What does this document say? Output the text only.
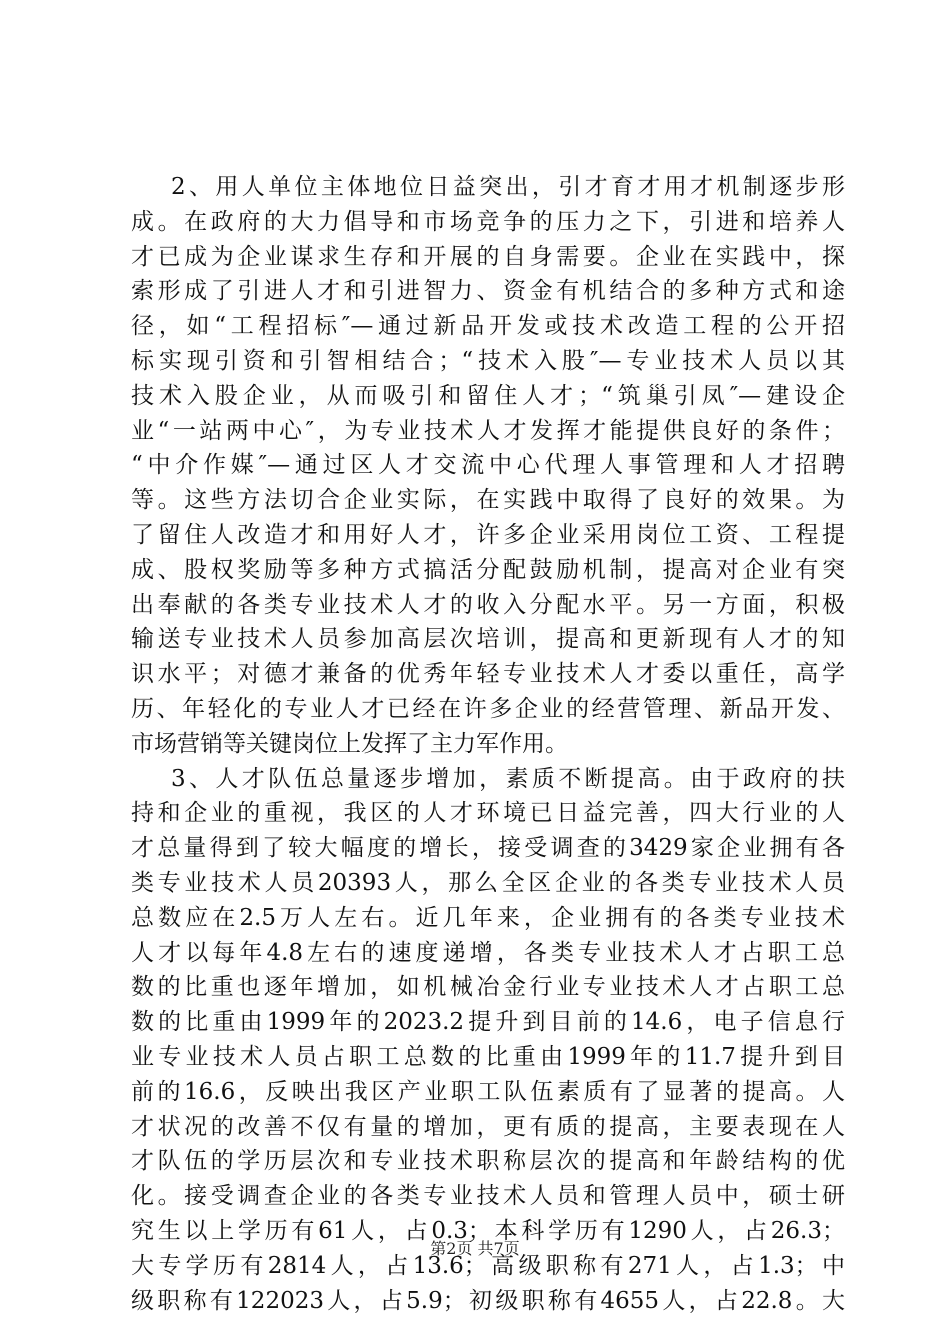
2、用人单位主体地位日益突出，引才育才用才机制逐步形
成。在政府的大力倡导和市场竞争的压力之下，引进和培养人
才已成为企业谋求生存和开展的自身需要。企业在实践中，探
索形成了引进人才和引进智力、资金有机结合的多种方式和途
径，如“工程招标″—通过新品开发或技术改造工程的公开招
标实现引资和引智相结合；“技术入股″—专业技术人员以其
技术入股企业，从而吸引和留住人才；“筑巢引凤″—建设企
业“一站两中心″，为专业技术人才发挥才能提供良好的条件；
“中介作媒″—通过区人才交流中心代理人事管理和人才招聘
等。这些方法切合企业实际，在实践中取得了良好的效果。为
了留住人改造才和用好人才，许多企业采用岗位工资、工程提
成、股权奖励等多种方式搞活分配鼓励机制，提高对企业有突
出奉献的各类专业技术人才的收入分配水平。另一方面，积极
输送专业技术人员参加高层次培训，提高和更新现有人才的知
识水平；对德才兼备的优秀年轻专业技术人才委以重任，高学
历、年轻化的专业人才已经在许多企业的经营管理、新品开发、
市场营销等关键岗位上发挥了主力军作用。
3、人才队伍总量逐步增加，素质不断提高。由于政府的扶
持和企业的重视，我区的人才环境已日益完善，四大行业的人
才总量得到了较大幅度的增长，接受调查的3429家企业拥有各
类专业技术人员20393人，那么全区企业的各类专业技术人员
总数应在2.5万人左右。近几年来，企业拥有的各类专业技术
人才以每年4.8左右的速度递增，各类专业技术人才占职工总
数的比重也逐年增加，如机械冶金行业专业技术人才占职工总
数的比重由1999年的2023.2提升到目前的14.6，电子信息行
业专业技术人员占职工总数的比重由1999年的11.7提升到目
前的16.6，反映出我区产业职工队伍素质有了显著的提高。人
才状况的改善不仅有量的增加，更有质的提高，主要表现在人
才队伍的学历层次和专业技术职称层次的提高和年龄结构的优
化。接受调查企业的各类专业技术人员和管理人员中，硕士研
究生以上学历有61人，占0.3；本科学历有1290人，占26.3；
大专学历有2814人，占13.6；高级职称有271人，占1.3；中
级职称有122023人，占5.9；初级职称有4655人，占22.8。大
第2页 共7页
